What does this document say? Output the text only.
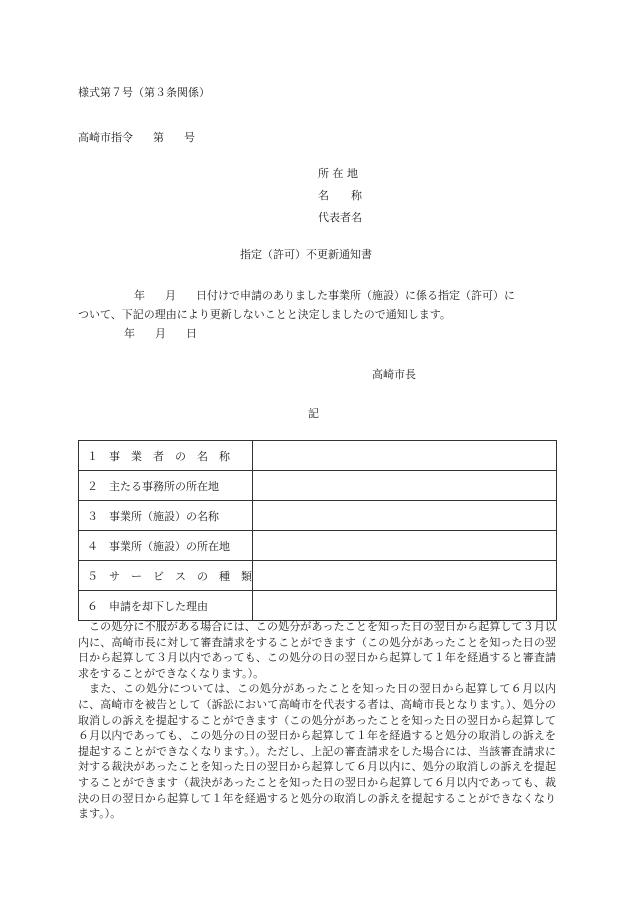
様式第７号（第３条関係）
高崎市指令 第 号
所 在 地
名　　称
代表者名
指定（許可）不更新通知書
年 月 日付けで申請のありました事業所（施設）に係る指定（許可）に
ついて、下記の理由により更新しないことと決定しましたので通知します。
年 月 日
高崎市長
記
１　事　業　者　の　名　称	
２　主たる事務所の所在地	
３　事業所（施設）の名称	
４　事業所（施設）の所在地	
５　サ　ー　ビ　ス　の　種　類	
６　申請を却下した理由	

この処分に不服がある場合には、この処分があったことを知った日の翌日から起算して３月以内に、高崎市長に対して審査請求をすることができます（この処分があったことを知った日の翌日から起算して３月以内であっても、この処分の日の翌日から起算して１年を経過すると審査請求をすることができなくなります。）。

また、この処分については、この処分があったことを知った日の翌日から起算して６月以内に、高崎市を被告として（訴訟において高崎市を代表する者は、高崎市長となります。）、処分の取消しの訴えを提起することができます（この処分があったことを知った日の翌日から起算して６月以内であっても、この処分の日の翌日から起算して１年を経過すると処分の取消しの訴えを提起することができなくなります。）。ただし、上記の審査請求をした場合には、当該審査請求に対する裁決があったことを知った日の翌日から起算して６月以内に、処分の取消しの訴えを提起することができます（裁決があったことを知った日の翌日から起算して６月以内であっても、裁決の日の翌日から起算して１年を経過すると処分の取消しの訴えを提起することができなくなります。）。
